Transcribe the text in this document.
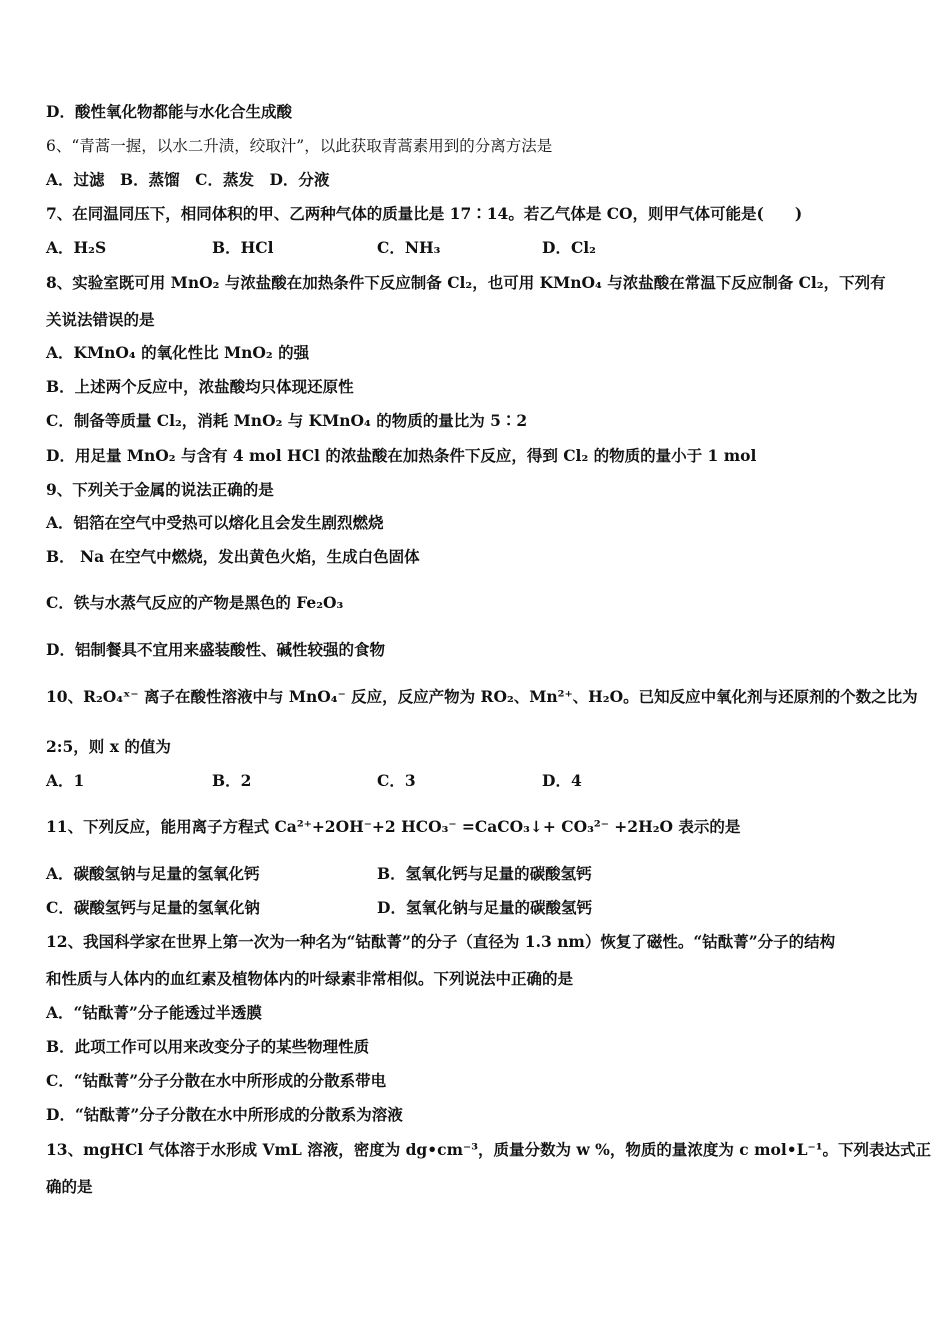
D．酸性氧化物都能与水化合生成酸
6、“青蒿一握，以水二升渍，绞取汁”，以此获取青蒿素用到的分离方法是
A．过滤　B．蒸馏　C．蒸发　D．分液
7、在同温同压下，相同体积的甲、乙两种气体的质量比是 17∶14。若乙气体是 CO，则甲气体可能是(　　)
A．H₂S	B．HCl	C．NH₃	D．Cl₂
8、实验室既可用 MnO₂ 与浓盐酸在加热条件下反应制备 Cl₂，也可用 KMnO₄ 与浓盐酸在常温下反应制备 Cl₂，下列有
关说法错误的是
A．KMnO₄ 的氧化性比 MnO₂ 的强
B．上述两个反应中，浓盐酸均只体现还原性
C．制备等质量 Cl₂，消耗 MnO₂ 与 KMnO₄ 的物质的量比为 5∶2
D．用足量 MnO₂ 与含有 4 mol HCl 的浓盐酸在加热条件下反应，得到 Cl₂ 的物质的量小于 1 mol
9、下列关于金属的说法正确的是
A．铝箔在空气中受热可以熔化且会发生剧烈燃烧
B． Na 在空气中燃烧，发出黄色火焰，生成白色固体
C．铁与水蒸气反应的产物是黑色的 Fe₂O₃
D．铝制餐具不宜用来盛装酸性、碱性较强的食物
10、R₂O₄ˣ⁻ 离子在酸性溶液中与 MnO₄⁻ 反应，反应产物为 RO₂、Mn²⁺、H₂O。已知反应中氧化剂与还原剂的个数之比为
2:5，则 x 的值为
A．1	B．2	C．3	D．4
11、下列反应，能用离子方程式 Ca²⁺+2OH⁻+2 HCO₃⁻ =CaCO₃↓+ CO₃²⁻ +2H₂O 表示的是
A．碳酸氢钠与足量的氢氧化钙	B．氢氧化钙与足量的碳酸氢钙
C．碳酸氢钙与足量的氢氧化钠	D．氢氧化钠与足量的碳酸氢钙
12、我国科学家在世界上第一次为一种名为“钴酞菁”的分子（直径为 1.3 nm）恢复了磁性。“钴酞菁”分子的结构
和性质与人体内的血红素及植物体内的叶绿素非常相似。下列说法中正确的是
A．“钴酞菁”分子能透过半透膜
B．此项工作可以用来改变分子的某些物理性质
C．“钴酞菁”分子分散在水中所形成的分散系带电
D．“钴酞菁”分子分散在水中所形成的分散系为溶液
13、mgHCl 气体溶于水形成 VmL 溶液，密度为 dg•cm⁻³，质量分数为 w %，物质的量浓度为 c mol•L⁻¹。下列表达式正
确的是
